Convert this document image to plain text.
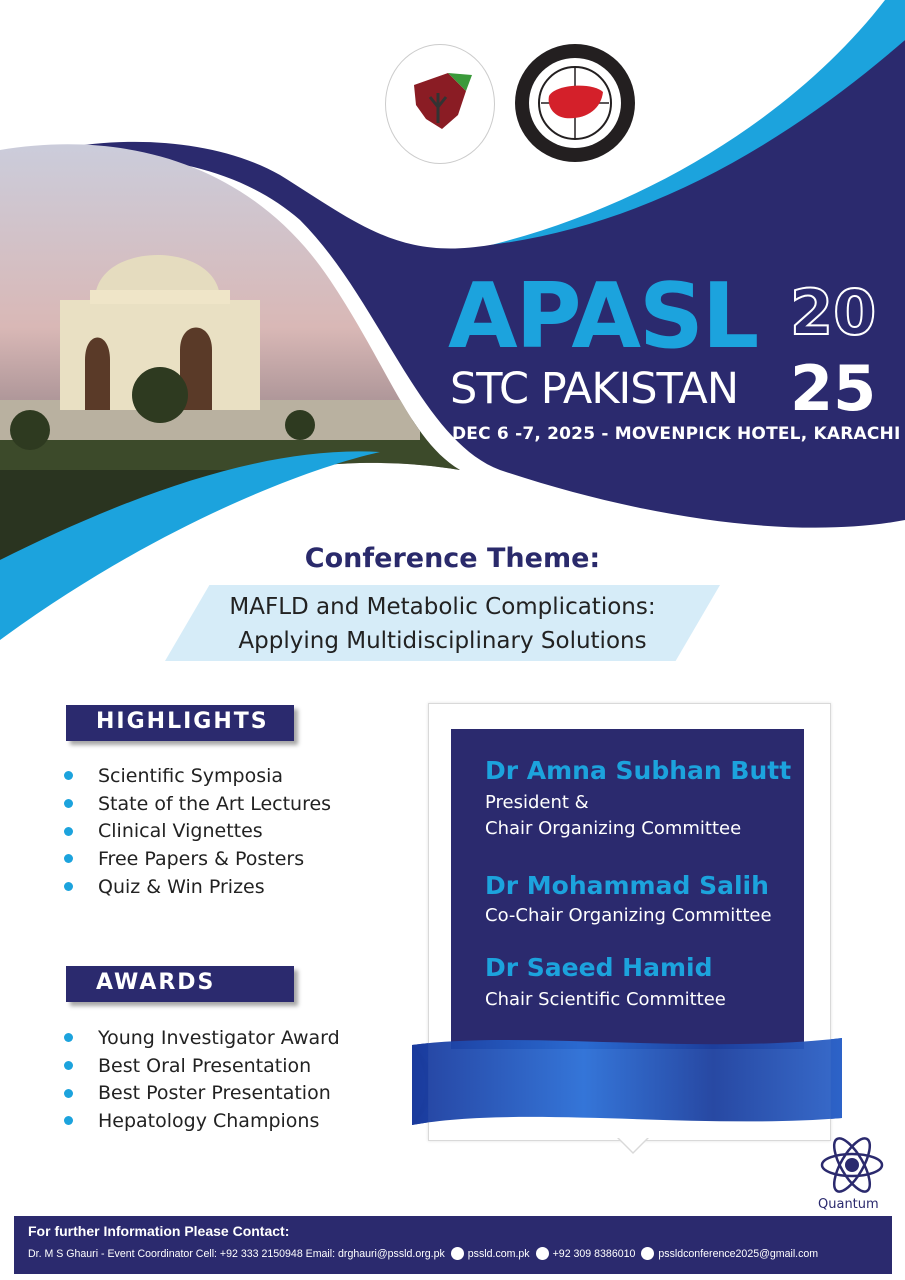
APASL
STC PAKISTAN
20
25
DEC 6 -7, 2025 - MOVENPICK HOTEL, KARACHI
Conference Theme:
MAFLD and Metabolic Complications:
Applying Multidisciplinary Solutions
HIGHLIGHTS
Scientific Symposia
State of the Art Lectures
Clinical Vignettes
Free Papers & Posters
Quiz & Win Prizes
AWARDS
Young Investigator Award
Best Oral Presentation
Best Poster Presentation
Hepatology Champions
Dr Amna Subhan Butt
President &
Chair Organizing Committee
Dr Mohammad Salih
Co-Chair Organizing Committee
Dr Saeed Hamid
Chair Scientific Committee
Quantum
For further Information Please Contact:
Dr. M S Ghauri - Event Coordinator Cell: +92 333 2150948 Email: drghauri@pssld.org.pk pssld.com.pk +92 309 8386010 pssldconference2025@gmail.com
